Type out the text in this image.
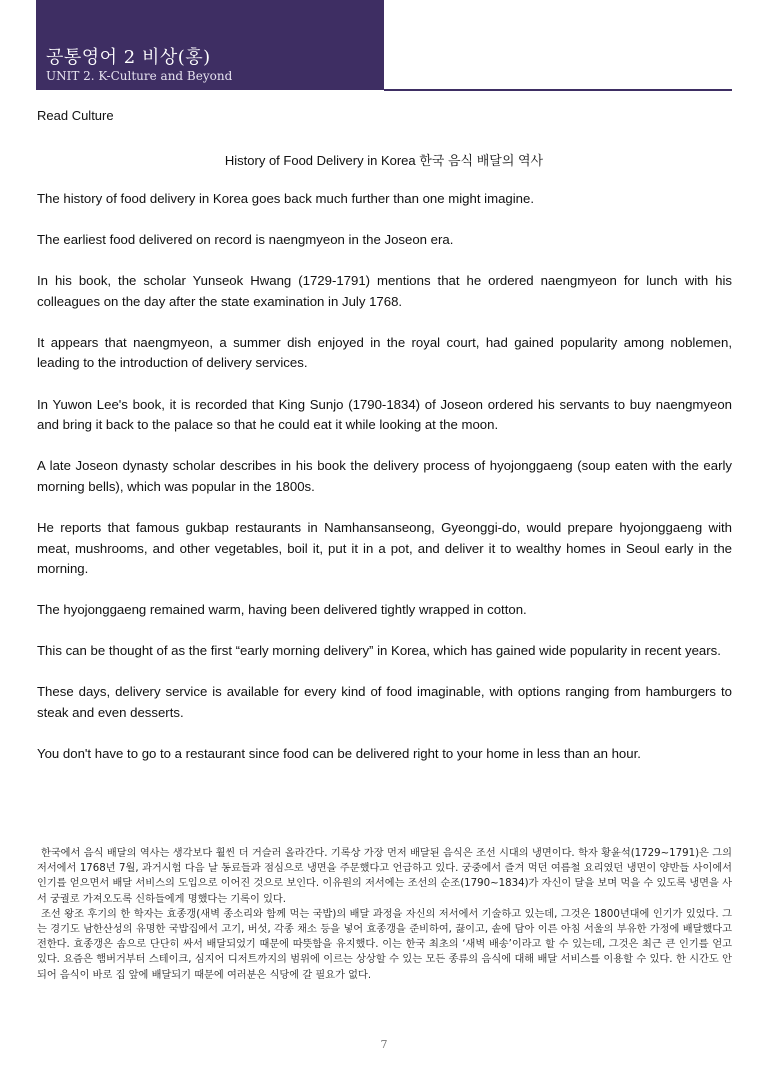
공통영어 2 비상(홍)
UNIT 2. K-Culture and Beyond
Read Culture
History of Food Delivery in Korea 한국 음식 배달의 역사

The history of food delivery in Korea goes back much further than one might imagine.

The earliest food delivered on record is naengmyeon in the Joseon era.

In his book, the scholar Yunseok Hwang (1729-1791) mentions that he ordered naengmyeon for lunch with his colleagues on the day after the state examination in July 1768.

It appears that naengmyeon, a summer dish enjoyed in the royal court, had gained popularity among noblemen, leading to the introduction of delivery services.

In Yuwon Lee's book, it is recorded that King Sunjo (1790-1834) of Joseon ordered his servants to buy naengmyeon and bring it back to the palace so that he could eat it while looking at the moon.

A late Joseon dynasty scholar describes in his book the delivery process of hyojonggaeng (soup eaten with the early morning bells), which was popular in the 1800s.

He reports that famous gukbap restaurants in Namhansanseong, Gyeonggi-do, would prepare hyojonggaeng with meat, mushrooms, and other vegetables, boil it, put it in a pot, and deliver it to wealthy homes in Seoul early in the morning.

The hyojonggaeng remained warm, having been delivered tightly wrapped in cotton.

This can be thought of as the first “early morning delivery” in Korea, which has gained wide popularity in recent years.

These days, delivery service is available for every kind of food imaginable, with options ranging from hamburgers to steak and even desserts.

You don't have to go to a restaurant since food can be delivered right to your home in less than an hour.

한국에서 음식 배달의 역사는 생각보다 훨씬 더 거슬러 올라간다. 기록상 가장 먼저 배달된 음식은 조선 시대의 냉면이다. 학자 황윤석(1729~1791)은 그의 저서에서 1768년 7월, 과거시험 다음 날 동료들과 점심으로 냉면을 주문했다고 언급하고 있다. 궁중에서 즐겨 먹던 여름철 요리였던 냉면이 양반들 사이에서 인기를 얻으면서 배달 서비스의 도입으로 이어진 것으로 보인다. 이유원의 저서에는 조선의 순조(1790~1834)가 자신이 달을 보며 먹을 수 있도록 냉면을 사서 궁궐로 가져오도록 신하들에게 명했다는 기록이 있다.

조선 왕조 후기의 한 학자는 효종갱(새벽 종소리와 함께 먹는 국밥)의 배달 과정을 자신의 저서에서 기술하고 있는데, 그것은 1800년대에 인기가 있었다. 그는 경기도 남한산성의 유명한 국밥집에서 고기, 버섯, 각종 채소 등을 넣어 효종갱을 준비하여, 끓이고, 솥에 담아 이른 아침 서울의 부유한 가정에 배달했다고 전한다. 효종갱은 솜으로 단단히 싸서 배달되었기 때문에 따뜻함을 유지했다. 이는 한국 최초의 ‘새벽 배송’이라고 할 수 있는데, 그것은 최근 큰 인기를 얻고 있다. 요즘은 햄버거부터 스테이크, 심지어 디저트까지의 범위에 이르는 상상할 수 있는 모든 종류의 음식에 대해 배달 서비스를 이용할 수 있다. 한 시간도 안 되어 음식이 바로 집 앞에 배달되기 때문에 여러분은 식당에 갈 필요가 없다.

7
